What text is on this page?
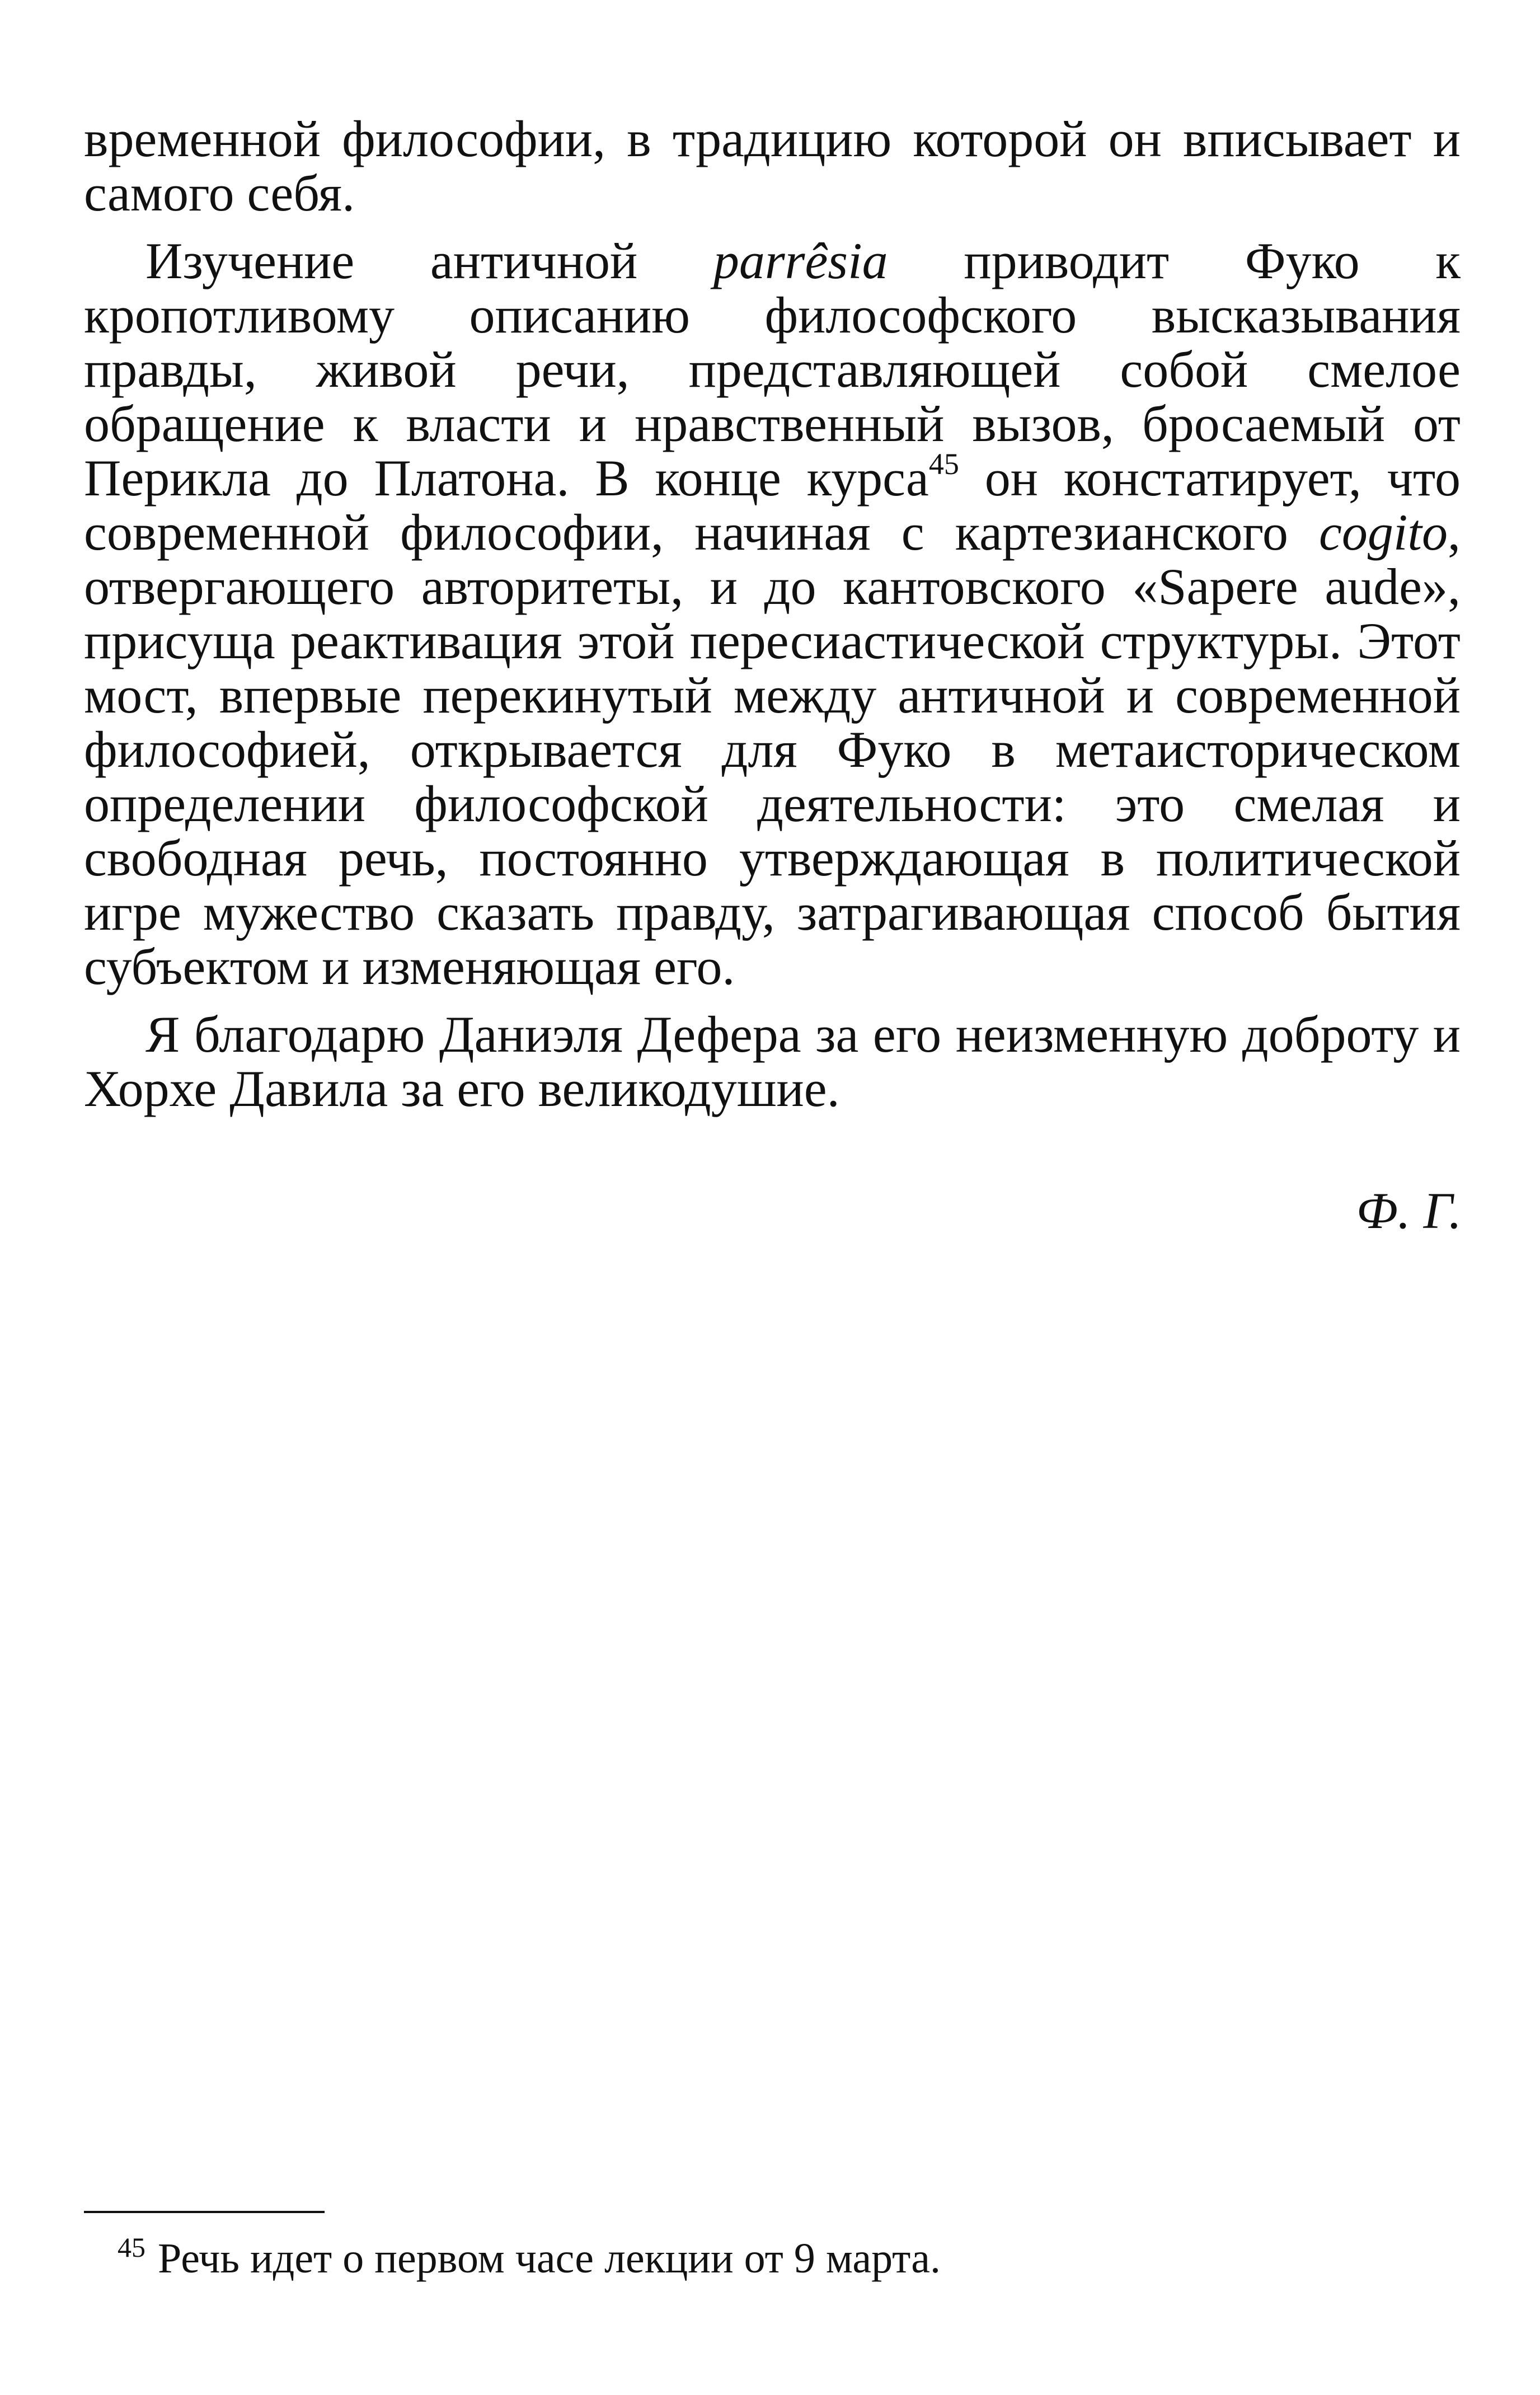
временной философии, в традицию которой он вписывает и самого себя.

Изучение античной parrêsia приводит Фуко к кропотливому описанию философского высказывания правды, живой речи, представляющей собой смелое обращение к власти и нравственный вызов, бросаемый от Перикла до Платона. В конце курса$^{45}$ он констатирует, что современной философии, начиная с картезианского cogito, отвергающего авторитеты, и до кантовского «Sapere aude», присуща реактивация этой пересиастической структуры. Этот мост, впервые перекинутый между античной и современной философией, открывается для Фуко в метаисторическом определении философской деятельности: это смелая и свободная речь, постоянно утверждающая в политической игре мужество сказать правду, затрагивающая способ бытия субъектом и изменяющая его.

Я благодарю Даниэля Дефера за его неизменную доброту и Хорхе Давила за его великодушие.

Ф. Г.
$^{45}$ Речь идет о первом часе лекции от 9 марта.
